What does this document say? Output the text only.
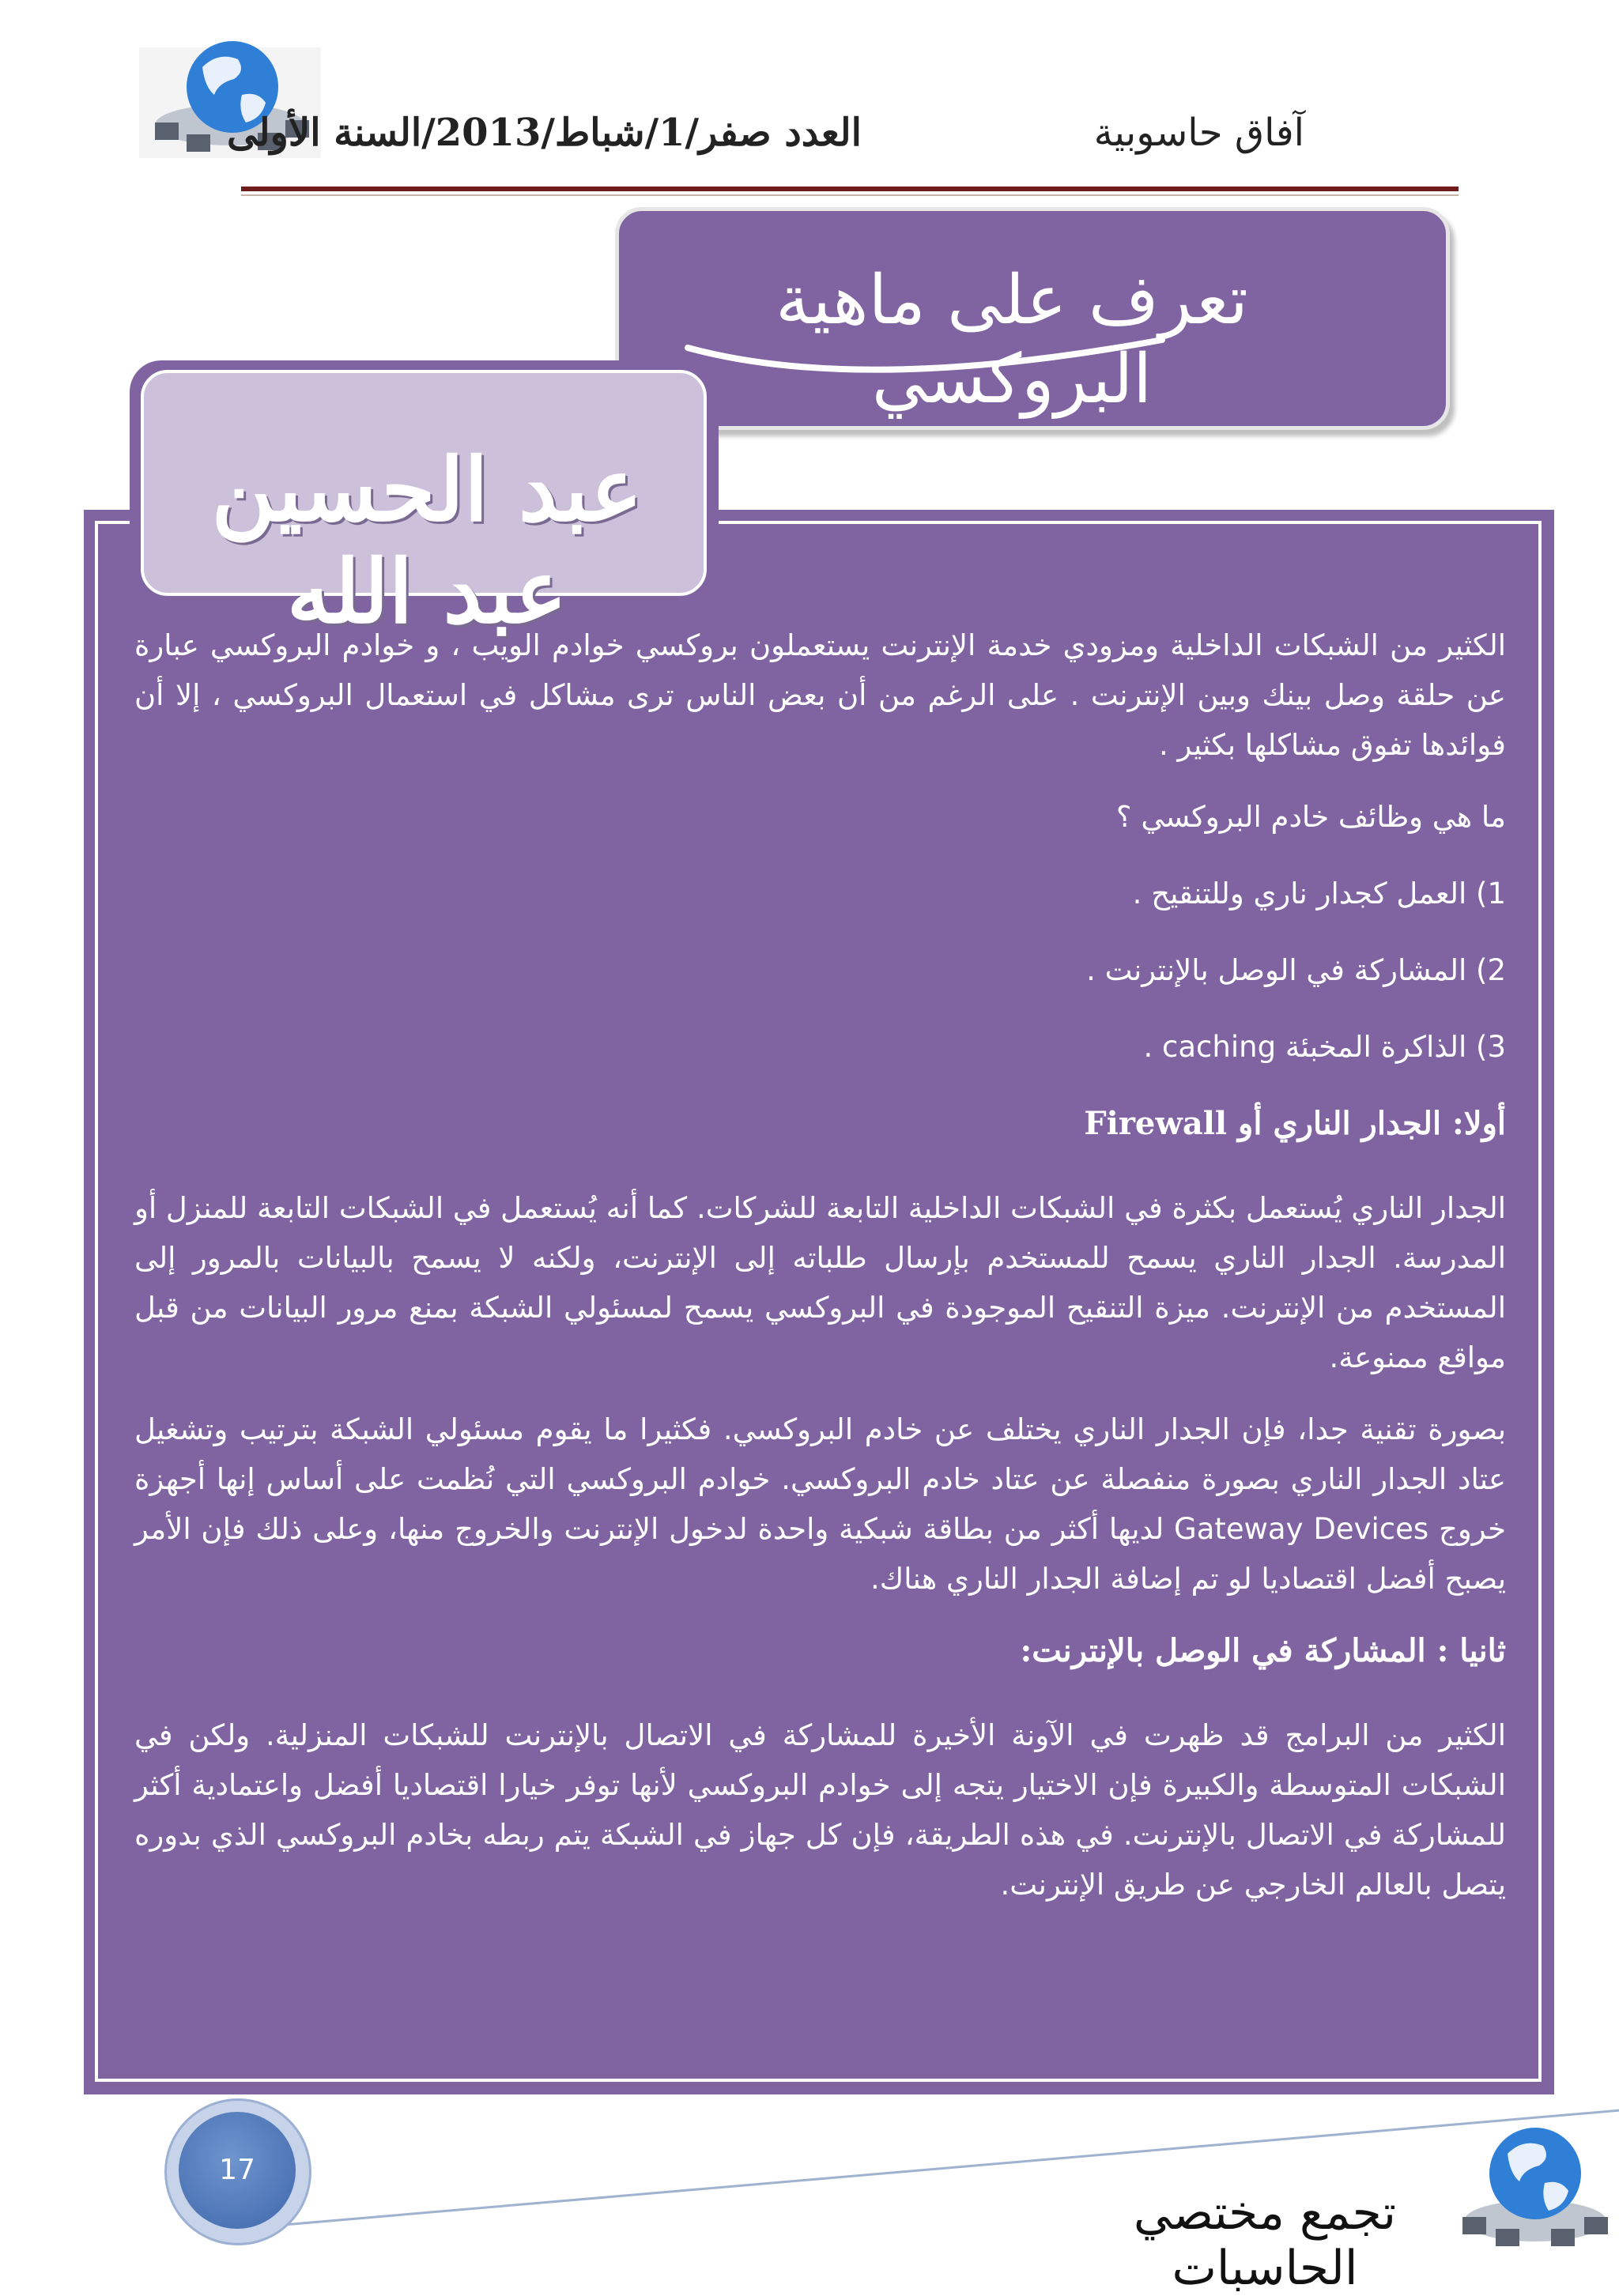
آفاق حاسوبية
العدد صفر/1/شباط/2013/السنة الأولى
تعرف على ماهية البروكسي
عبد الحسين عبد الله

الكثير من الشبكات الداخلية ومزودي خدمة الإنترنت يستعملون بروكسي خوادم الويب ، و خوادم البروكسي عبارة عن حلقة وصل بينك وبين الإنترنت . على الرغم من أن بعض الناس ترى مشاكل في استعمال البروكسي ، إلا أن فوائدها تفوق مشاكلها بكثير .

ما هي وظائف خادم البروكسي ؟

1) العمل كجدار ناري وللتنقيح .

2) المشاركة في الوصل بالإنترنت .

3) الذاكرة المخبئة caching .

أولا: الجدار الناري أو Firewall

الجدار الناري يُستعمل بكثرة في الشبكات الداخلية التابعة للشركات. كما أنه يُستعمل في الشبكات التابعة للمنزل أو المدرسة. الجدار الناري يسمح للمستخدم بإرسال طلباته إلى الإنترنت، ولكنه لا يسمح بالبيانات بالمرور إلى المستخدم من الإنترنت. ميزة التنقيح الموجودة في البروكسي يسمح لمسئولي الشبكة بمنع مرور البيانات من قبل مواقع ممنوعة.

بصورة تقنية جدا، فإن الجدار الناري يختلف عن خادم البروكسي. فكثيرا ما يقوم مسئولي الشبكة بترتيب وتشغيل عتاد الجدار الناري بصورة منفصلة عن عتاد خادم البروكسي. خوادم البروكسي التي نُظمت على أساس إنها أجهزة خروج Gateway Devices لديها أكثر من بطاقة شبكية واحدة لدخول الإنترنت والخروج منها، وعلى ذلك فإن الأمر يصبح أفضل اقتصاديا لو تم إضافة الجدار الناري هناك.

ثانيا : المشاركة في الوصل بالإنترنت:

الكثير من البرامج قد ظهرت في الآونة الأخيرة للمشاركة في الاتصال بالإنترنت للشبكات المنزلية. ولكن في الشبكات المتوسطة والكبيرة فإن الاختيار يتجه إلى خوادم البروكسي لأنها توفر خيارا اقتصاديا أفضل واعتمادية أكثر للمشاركة في الاتصال بالإنترنت. في هذه الطريقة، فإن كل جهاز في الشبكة يتم ربطه بخادم البروكسي الذي بدوره يتصل بالعالم الخارجي عن طريق الإنترنت.

17
تجمع مختصي الحاسبات
